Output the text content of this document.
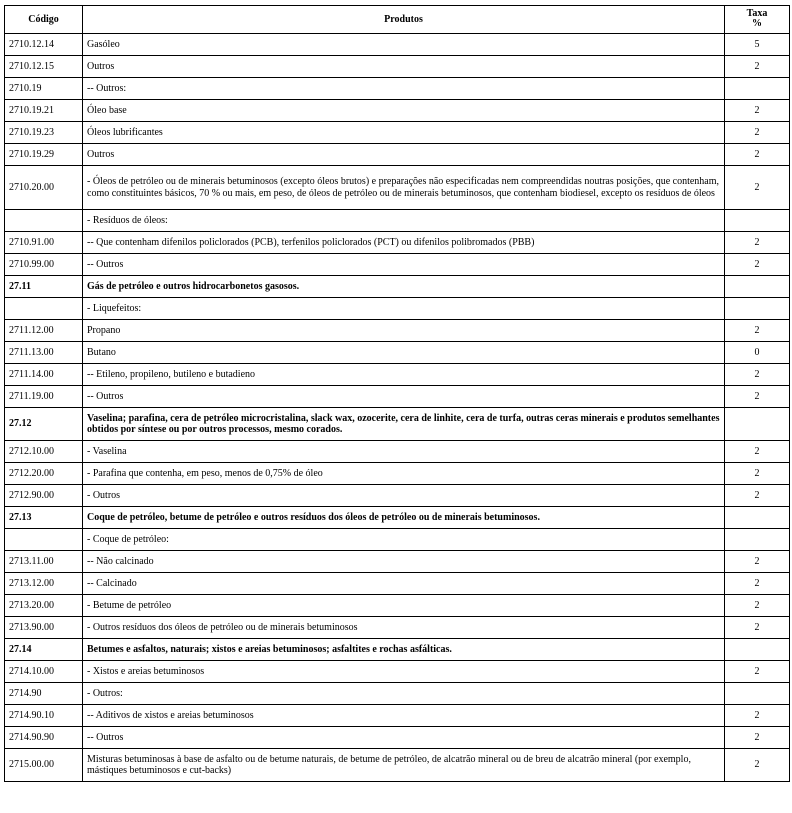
Código	Produtos	Taxa %
2710.12.14	Gasóleo	5
2710.12.15	Outros	2
2710.19	-- Outros:	
2710.19.21	Óleo base	2
2710.19.23	Óleos lubrificantes	2
2710.19.29	Outros	2
2710.20.00	- Óleos de petróleo ou de minerais betuminosos (excepto óleos brutos) e preparações não especificadas nem compreendidas noutras posições, que contenham, como constituintes básicos, 70 % ou mais, em peso, de óleos de petróleo ou de minerais betuminosos, que contenham biodiesel, excepto os resíduos de óleos	2
	- Resíduos de óleos:	
2710.91.00	-- Que contenham difenilos policlorados (PCB), terfenilos policlorados (PCT) ou difenilos polibromados (PBB)	2
2710.99.00	-- Outros	2
27.11	Gás de petróleo e outros hidrocarbonetos gasosos.	
	- Liquefeitos:	
2711.12.00	Propano	2
2711.13.00	Butano	0
2711.14.00	-- Etileno, propileno, butileno e butadieno	2
2711.19.00	-- Outros	2
27.12	Vaselina; parafina, cera de petróleo microcristalina, slack wax, ozocerite, cera de linhite, cera de turfa, outras ceras minerais e produtos semelhantes obtidos por síntese ou por outros processos, mesmo corados.	
2712.10.00	- Vaselina	2
2712.20.00	- Parafina que contenha, em peso, menos de 0,75% de óleo	2
2712.90.00	- Outros	2
27.13	Coque de petróleo, betume de petróleo e outros resíduos dos óleos de petróleo ou de minerais betuminosos.	
	- Coque de petróleo:	
2713.11.00	-- Não calcinado	2
2713.12.00	-- Calcinado	2
2713.20.00	- Betume de petróleo	2
2713.90.00	- Outros resíduos dos óleos de petróleo ou de minerais betuminosos	2
27.14	Betumes e asfaltos, naturais; xistos e areias betuminosos; asfaltites e rochas asfálticas.	
2714.10.00	- Xistos e areias betuminosos	2
2714.90	- Outros:	
2714.90.10	-- Aditivos de xistos e areias betuminosos	2
2714.90.90	-- Outros	2
2715.00.00	Misturas betuminosas à base de asfalto ou de betume naturais, de betume de petróleo, de alcatrão mineral ou de breu de alcatrão mineral (por exemplo, mástiques betuminosos e cut-backs)	2
